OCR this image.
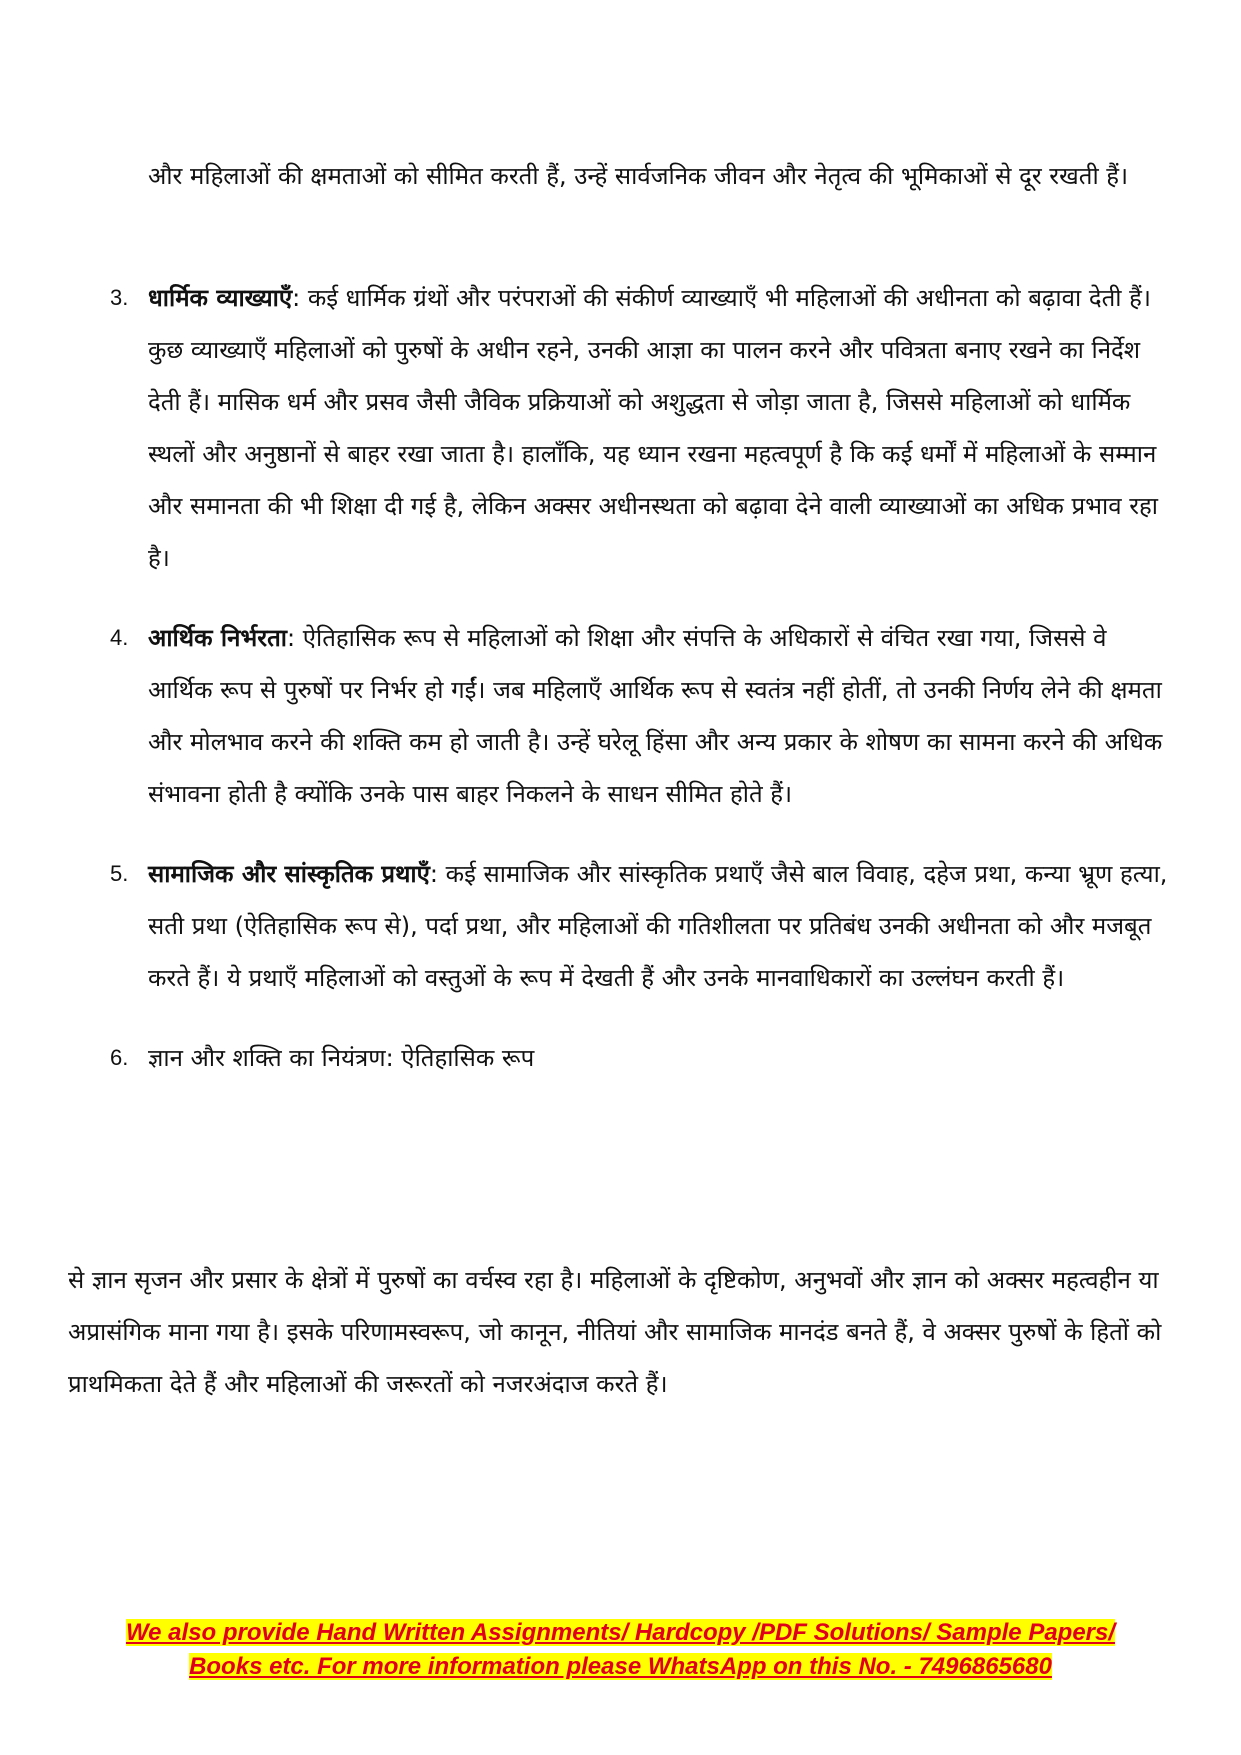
और महिलाओं की क्षमताओं को सीमित करती हैं, उन्हें सार्वजनिक जीवन और नेतृत्व की भूमिकाओं से दूर रखती हैं।

3. धार्मिक व्याख्याएँ: कई धार्मिक ग्रंथों और परंपराओं की संकीर्ण व्याख्याएँ भी महिलाओं की अधीनता को बढ़ावा देती हैं। कुछ व्याख्याएँ महिलाओं को पुरुषों के अधीन रहने, उनकी आज्ञा का पालन करने और पवित्रता बनाए रखने का निर्देश देती हैं। मासिक धर्म और प्रसव जैसी जैविक प्रक्रियाओं को अशुद्धता से जोड़ा जाता है, जिससे महिलाओं को धार्मिक स्थलों और अनुष्ठानों से बाहर रखा जाता है। हालाँकि, यह ध्यान रखना महत्वपूर्ण है कि कई धर्मों में महिलाओं के सम्मान और समानता की भी शिक्षा दी गई है, लेकिन अक्सर अधीनस्थता को बढ़ावा देने वाली व्याख्याओं का अधिक प्रभाव रहा है।
4. आर्थिक निर्भरता: ऐतिहासिक रूप से महिलाओं को शिक्षा और संपत्ति के अधिकारों से वंचित रखा गया, जिससे वे आर्थिक रूप से पुरुषों पर निर्भर हो गईं। जब महिलाएँ आर्थिक रूप से स्वतंत्र नहीं होतीं, तो उनकी निर्णय लेने की क्षमता और मोलभाव करने की शक्ति कम हो जाती है। उन्हें घरेलू हिंसा और अन्य प्रकार के शोषण का सामना करने की अधिक संभावना होती है क्योंकि उनके पास बाहर निकलने के साधन सीमित होते हैं।
5. सामाजिक और सांस्कृतिक प्रथाएँ: कई सामाजिक और सांस्कृतिक प्रथाएँ जैसे बाल विवाह, दहेज प्रथा, कन्या भ्रूण हत्या, सती प्रथा (ऐतिहासिक रूप से), पर्दा प्रथा, और महिलाओं की गतिशीलता पर प्रतिबंध उनकी अधीनता को और मजबूत करते हैं। ये प्रथाएँ महिलाओं को वस्तुओं के रूप में देखती हैं और उनके मानवाधिकारों का उल्लंघन करती हैं।
6. ज्ञान और शक्ति का नियंत्रण: ऐतिहासिक रूप

से ज्ञान सृजन और प्रसार के क्षेत्रों में पुरुषों का वर्चस्व रहा है। महिलाओं के दृष्टिकोण, अनुभवों और ज्ञान को अक्सर महत्वहीन या अप्रासंगिक माना गया है। इसके परिणामस्वरूप, जो कानून, नीतियां और सामाजिक मानदंड बनते हैं, वे अक्सर पुरुषों के हितों को प्राथमिकता देते हैं और महिलाओं की जरूरतों को नजरअंदाज करते हैं।

We also provide Hand Written Assignments/ Hardcopy /PDF Solutions/ Sample Papers/
Books etc. For more information please WhatsApp on this No. - 7496865680
